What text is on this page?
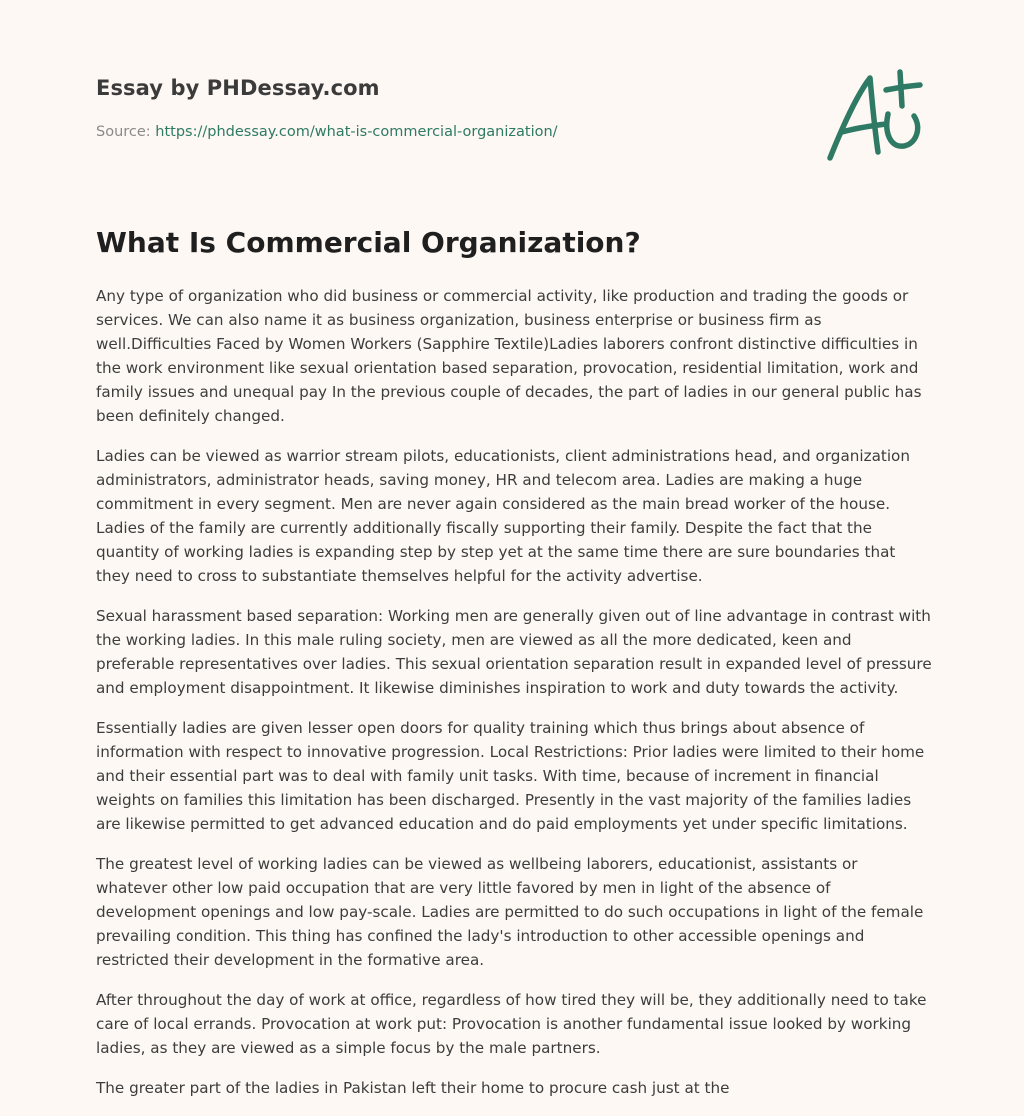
Essay by PHDessay.com
Source: https://phdessay.com/what-is-commercial-organization/
What Is Commercial Organization?

Any type of organization who did business or commercial activity, like production and trading the goods or services. We can also name it as business organization, business enterprise or business firm as well.Difficulties Faced by Women Workers (Sapphire Textile)Ladies laborers confront distinctive difficulties in the work environment like sexual orientation based separation, provocation, residential limitation, work and family issues and unequal pay In the previous couple of decades, the part of ladies in our general public has been definitely changed.

Ladies can be viewed as warrior stream pilots, educationists, client administrations head, and organization administrators, administrator heads, saving money, HR and telecom area. Ladies are making a huge commitment in every segment. Men are never again considered as the main bread worker of the house. Ladies of the family are currently additionally fiscally supporting their family. Despite the fact that the quantity of working ladies is expanding step by step yet at the same time there are sure boundaries that they need to cross to substantiate themselves helpful for the activity advertise.

Sexual harassment based separation: Working men are generally given out of line advantage in contrast with the working ladies. In this male ruling society, men are viewed as all the more dedicated, keen and preferable representatives over ladies. This sexual orientation separation result in expanded level of pressure and employment disappointment. It likewise diminishes inspiration to work and duty towards the activity.

Essentially ladies are given lesser open doors for quality training which thus brings about absence of information with respect to innovative progression. Local Restrictions: Prior ladies were limited to their home and their essential part was to deal with family unit tasks. With time, because of increment in financial weights on families this limitation has been discharged. Presently in the vast majority of the families ladies are likewise permitted to get advanced education and do paid employments yet under specific limitations.

The greatest level of working ladies can be viewed as wellbeing laborers, educationist, assistants or whatever other low paid occupation that are very little favored by men in light of the absence of development openings and low pay-scale. Ladies are permitted to do such occupations in light of the female prevailing condition. This thing has confined the lady's introduction to other accessible openings and restricted their development in the formative area.

After throughout the day of work at office, regardless of how tired they will be, they additionally need to take care of local errands. Provocation at work put: Provocation is another fundamental issue looked by working ladies, as they are viewed as a simple focus by the male partners.

The greater part of the ladies in Pakistan left their home to procure cash just at the
